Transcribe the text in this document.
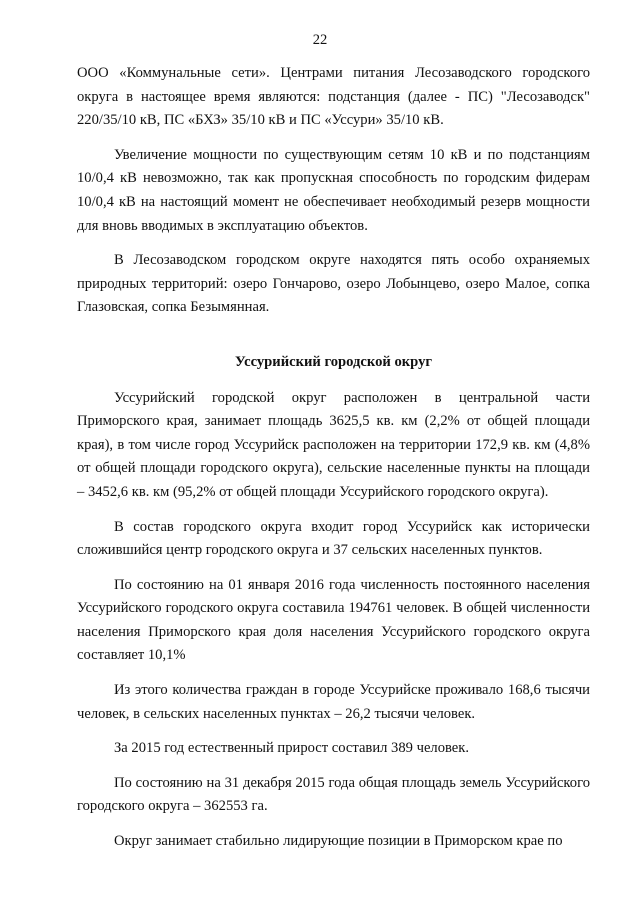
22

ООО «Коммунальные сети». Центрами питания Лесозаводского городского округа в настоящее время являются: подстанция (далее - ПС) "Лесозаводск" 220/35/10 кВ, ПС «БХЗ» 35/10 кВ и ПС «Уссури» 35/10 кВ.

Увеличение мощности по существующим сетям 10 кВ и по подстанциям 10/0,4 кВ невозможно, так как пропускная способность по городским фидерам 10/0,4 кВ на настоящий момент не обеспечивает необходимый резерв мощности для вновь вводимых в эксплуатацию объектов.

В Лесозаводском городском округе находятся пять особо охраняемых природных территорий: озеро Гончарово, озеро Лобынцево, озеро Малое, сопка Глазовская, сопка Безымянная.

Уссурийский городской округ

Уссурийский городской округ расположен в центральной части Приморского края, занимает площадь 3625,5 кв. км (2,2% от общей площади края), в том числе город Уссурийск расположен на территории 172,9 кв. км (4,8% от общей площади городского округа), сельские населенные пункты на площади – 3452,6 кв. км (95,2% от общей площади Уссурийского городского округа).

В состав городского округа входит город Уссурийск как исторически сложившийся центр городского округа и 37 сельских населенных пунктов.

По состоянию на 01 января 2016 года численность постоянного населения Уссурийского городского округа составила 194761 человек. В общей численности населения Приморского края доля населения Уссурийского городского округа составляет 10,1%

Из этого количества граждан в городе Уссурийске проживало 168,6 тысячи человек, в сельских населенных пунктах – 26,2 тысячи человек.

За 2015 год естественный прирост составил 389 человек.

По состоянию на 31 декабря 2015 года общая площадь земель Уссурийского городского округа – 362553 га.

Округ занимает стабильно лидирующие позиции в Приморском крае по
